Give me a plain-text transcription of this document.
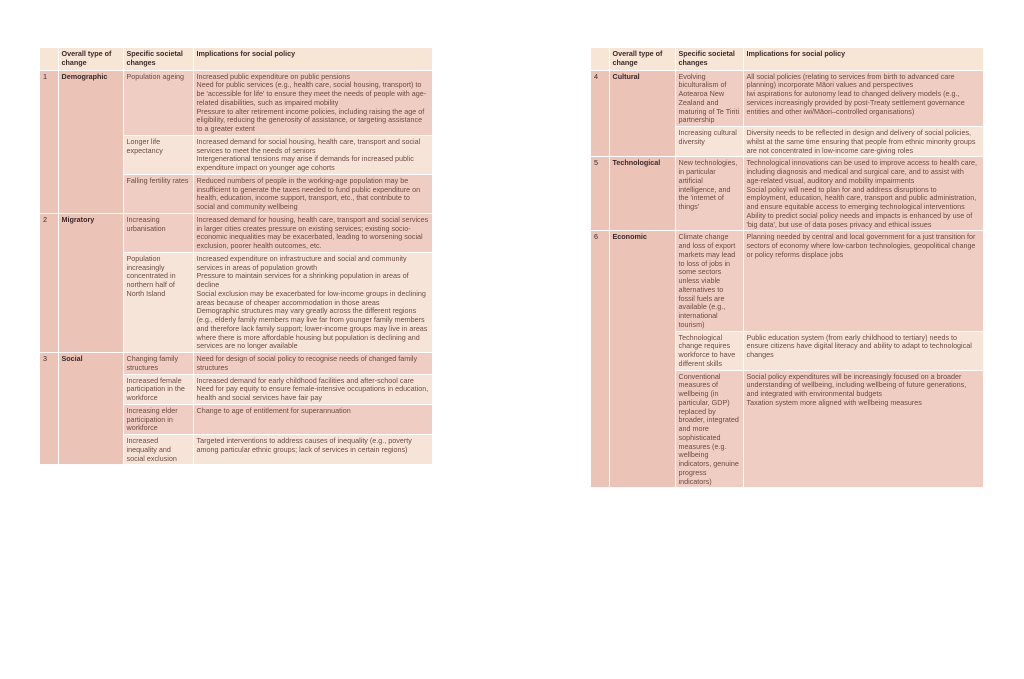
	Overall type of change	Specific societal changes	Implications for social policy
1	Demographic	Population ageing	Increased public expenditure on public pensions
Need for public services (e.g., health care, social housing, transport) to be 'accessible for life' to ensure they meet the needs of people with age-related disabilities, such as impaired mobility
Pressure to alter retirement income policies, including raising the age of eligibility, reducing the generosity of assistance, or targeting assistance to a greater extent

		Longer life expectancy	Increased demand for social housing, health care, transport and social services to meet the needs of seniors
Intergenerational tensions may arise if demands for increased public expenditure impact on younger age cohorts

		Falling fertility rates	Reduced numbers of people in the working-age population may be insufficient to generate the taxes needed to fund public expenditure on health, education, income support, transport, etc., that contribute to social and community wellbeing

2	Migratory	Increasing urbanisation	Increased demand for housing, health care, transport and social services in larger cities creates pressure on existing services; existing socio-economic inequalities may be exacerbated, leading to worsening social exclusion, poorer health outcomes, etc.

		Population increasingly concentrated in northern half of North Island	Increased expenditure on infrastructure and social and community services in areas of population growth
Pressure to maintain services for a shrinking population in areas of decline
Social exclusion may be exacerbated for low-income groups in declining areas because of cheaper accommodation in those areas
Demographic structures may vary greatly across the different regions (e.g., elderly family members may live far from younger family members and therefore lack family support; lower-income groups may live in areas where there is more affordable housing but population is declining and services are no longer available

3	Social	Changing family structures	Need for design of social policy to recognise needs of changed family structures

		Increased female participation in the workforce	Increased demand for early childhood facilities and after-school care
Need for pay equity to ensure female-intensive occupations in education, health and social services have fair pay

		Increasing elder participation in workforce	Change to age of entitlement for superannuation

		Increased inequality and social exclusion	Targeted interventions to address causes of inequality (e.g., poverty among particular ethnic groups; lack of services in certain regions)
	Overall type of change	Specific societal changes	Implications for social policy
4	Cultural	Evolving biculturalism of Aotearoa New Zealand and maturing of Te Tiriti partnership	All social policies (relating to services from birth to advanced care planning) incorporate Māori values and perspectives
Iwi aspirations for autonomy lead to changed delivery models (e.g., services increasingly provided by post-Treaty settlement governance entities and other iwi/Māori–controlled organisations)

		Increasing cultural diversity	Diversity needs to be reflected in design and delivery of social policies, whilst at the same time ensuring that people from ethnic minority groups are not concentrated in low-income care-giving roles

5	Technological	New technologies, in particular artificial intelligence, and the 'internet of things'	Technological innovations can be used to improve access to health care, including diagnosis and medical and surgical care, and to assist with age-related visual, auditory and mobility impairments
Social policy will need to plan for and address disruptions to employment, education, health care, transport and public administration, and ensure equitable access to emerging technological interventions
Ability to predict social policy needs and impacts is enhanced by use of 'big data', but use of data poses privacy and ethical issues

6	Economic	Climate change and loss of export markets may lead to loss of jobs in some sectors unless viable alternatives to fossil fuels are available (e.g., international tourism)	Planning needed by central and local government for a just transition for sectors of economy where low-carbon technologies, geopolitical change or policy reforms displace jobs

		Technological change requires workforce to have different skills	Public education system (from early childhood to tertiary) needs to ensure citizens have digital literacy and ability to adapt to technological changes

		Conventional measures of wellbeing (in particular, GDP) replaced by broader, integrated and more sophisticated measures (e.g. wellbeing indicators, genuine progress indicators)	Social policy expenditures will be increasingly focused on a broader understanding of wellbeing, including wellbeing of future generations, and integrated with environmental budgets
Taxation system more aligned with wellbeing measures
